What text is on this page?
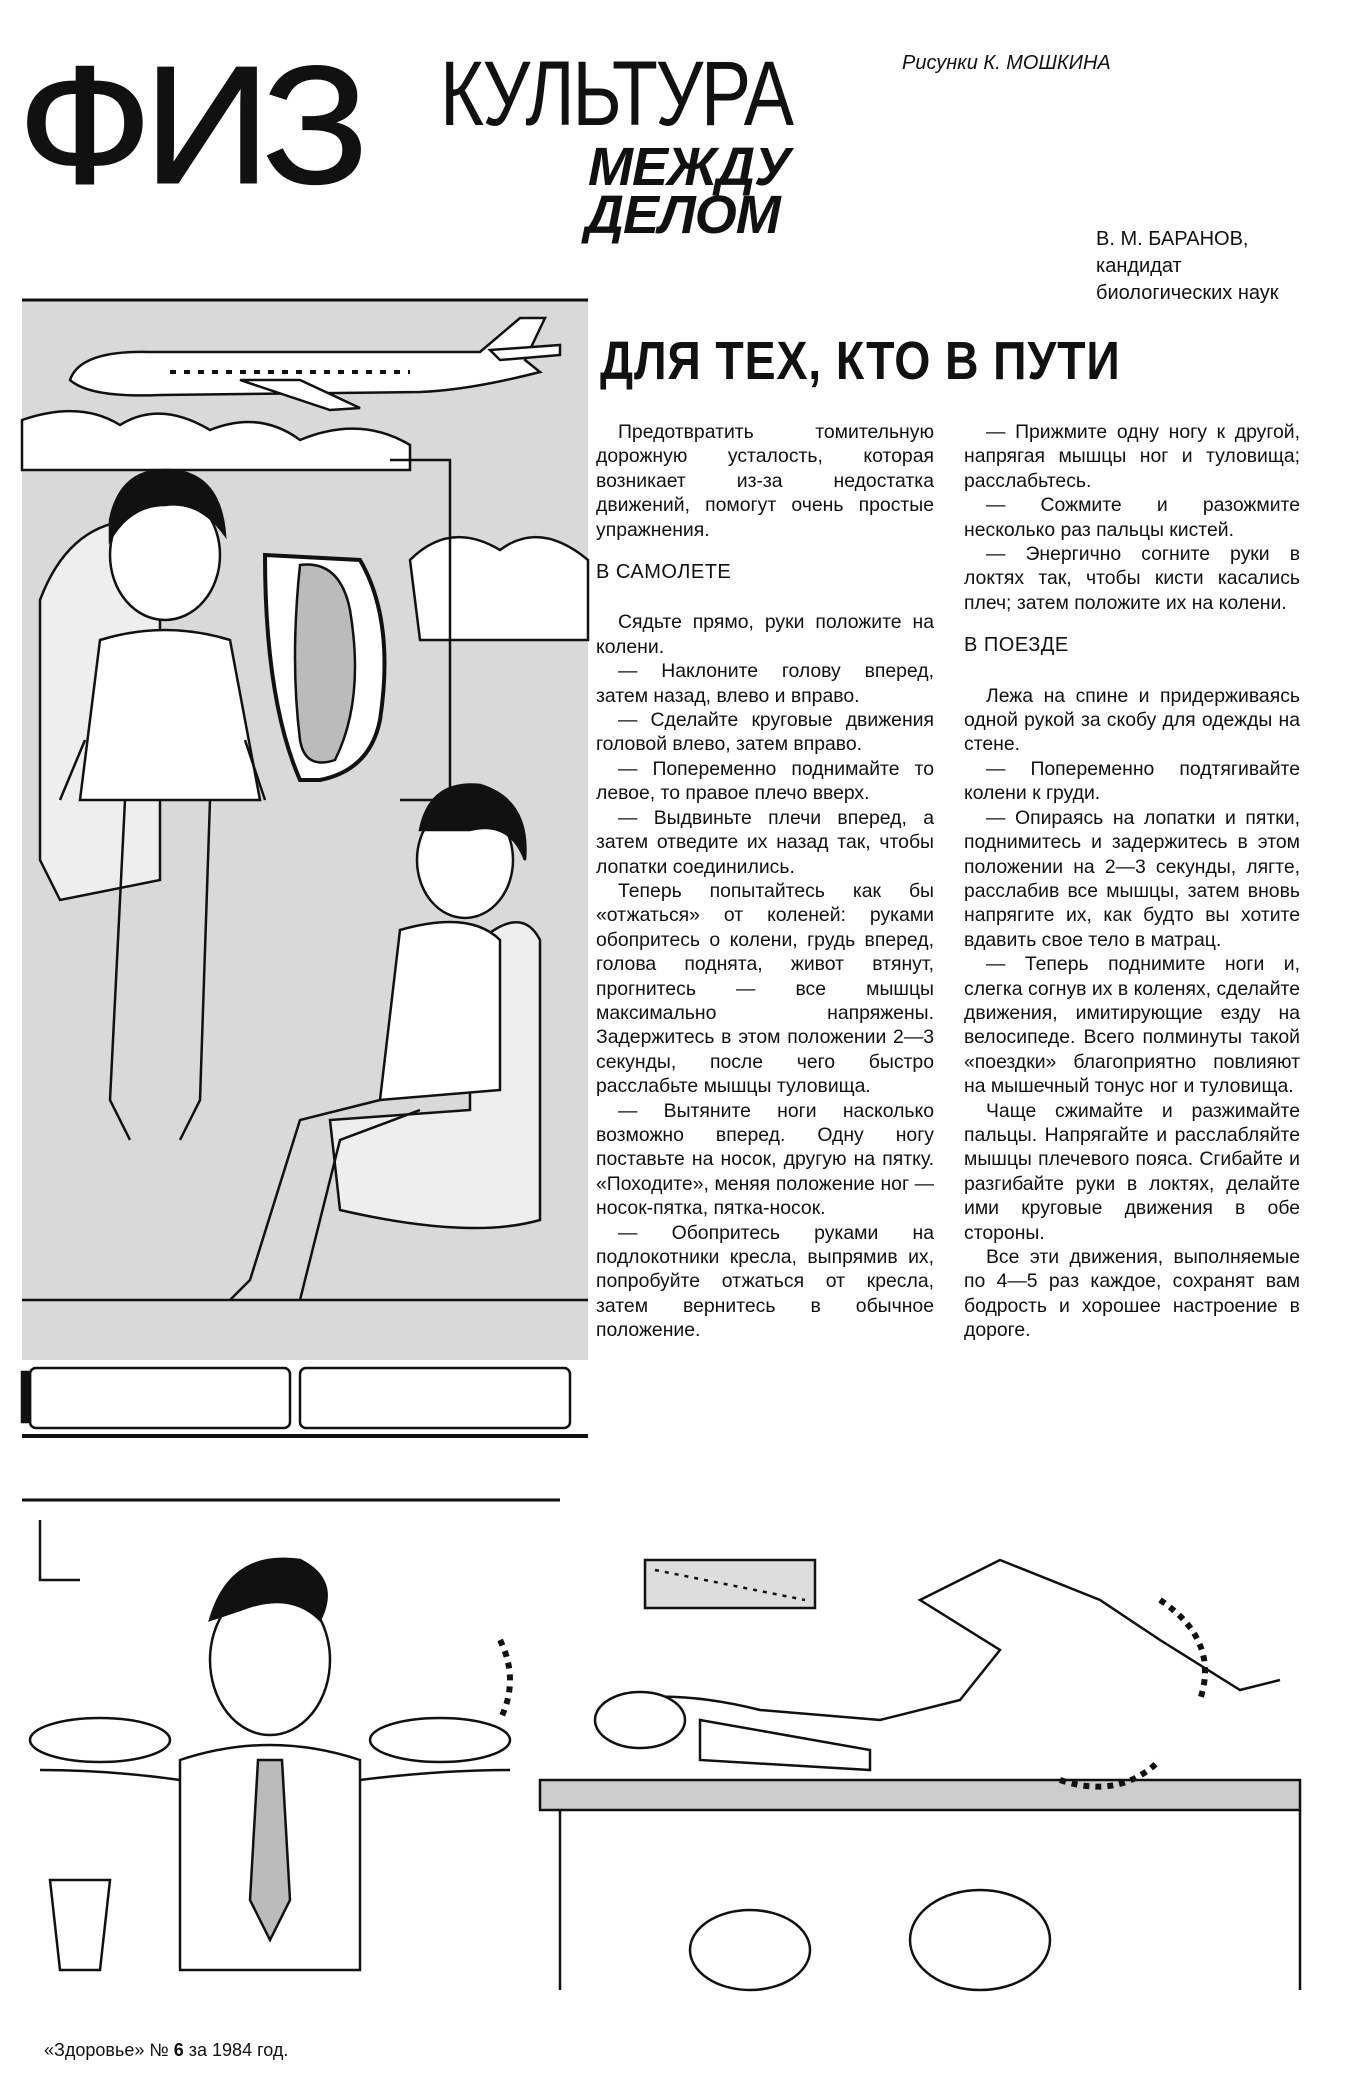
ФИЗ КУЛЬТУРА
МЕЖДУ
ДЕЛОМ
Рисунки К. МОШКИНА
В. М. БАРАНОВ,
кандидат
биологических наук
ДЛЯ ТЕХ, КТО В ПУТИ

Предотвратить томительную дорожную усталость, которая возникает из-за недостатка движений, помогут очень простые упражнения.

В САМОЛЕТЕ

Сядьте прямо, руки положите на колени.

— Наклоните голову вперед, затем назад, влево и вправо.

— Сделайте круговые движения головой влево, затем вправо.

— Попеременно поднимайте то левое, то правое плечо вверх.

— Выдвиньте плечи вперед, а затем отведите их назад так, чтобы лопатки соединились.

Теперь попытайтесь как бы «отжаться» от коленей: руками обопритесь о колени, грудь вперед, голова поднята, живот втянут, прогнитесь — все мышцы максимально напряжены. Задержитесь в этом положении 2—3 секунды, после чего быстро расслабьте мышцы туловища.

— Вытяните ноги насколько возможно вперед. Одну ногу поставьте на носок, другую на пятку. «Походите», меняя положение ног — носок-пятка, пятка-носок.

— Обопритесь руками на подлокотники кресла, выпрямив их, попробуйте отжаться от кресла, затем вернитесь в обычное положение.

— Прижмите одну ногу к другой, напрягая мышцы ног и туловища; расслабьтесь.

— Сожмите и разожмите несколько раз пальцы кистей.

— Энергично согните руки в локтях так, чтобы кисти касались плеч; затем положите их на колени.

В ПОЕЗДЕ

Лежа на спине и придерживаясь одной рукой за скобу для одежды на стене.

— Попеременно подтягивайте колени к груди.

— Опираясь на лопатки и пятки, поднимитесь и задержитесь в этом положении на 2—3 секунды, лягте, расслабив все мышцы, затем вновь напрягите их, как будто вы хотите вдавить свое тело в матрац.

— Теперь поднимите ноги и, слегка согнув их в коленях, сделайте движения, имитирующие езду на велосипеде. Всего полминуты такой «поездки» благоприятно повлияют на мышечный тонус ног и туловища.

Чаще сжимайте и разжимайте пальцы. Напрягайте и расслабляйте мышцы плечевого пояса. Сгибайте и разгибайте руки в локтях, делайте ими круговые движения в обе стороны.

Все эти движения, выполняемые по 4—5 раз каждое, сохранят вам бодрость и хорошее настроение в дороге.

«Здоровье» № 6 за 1984 год.
